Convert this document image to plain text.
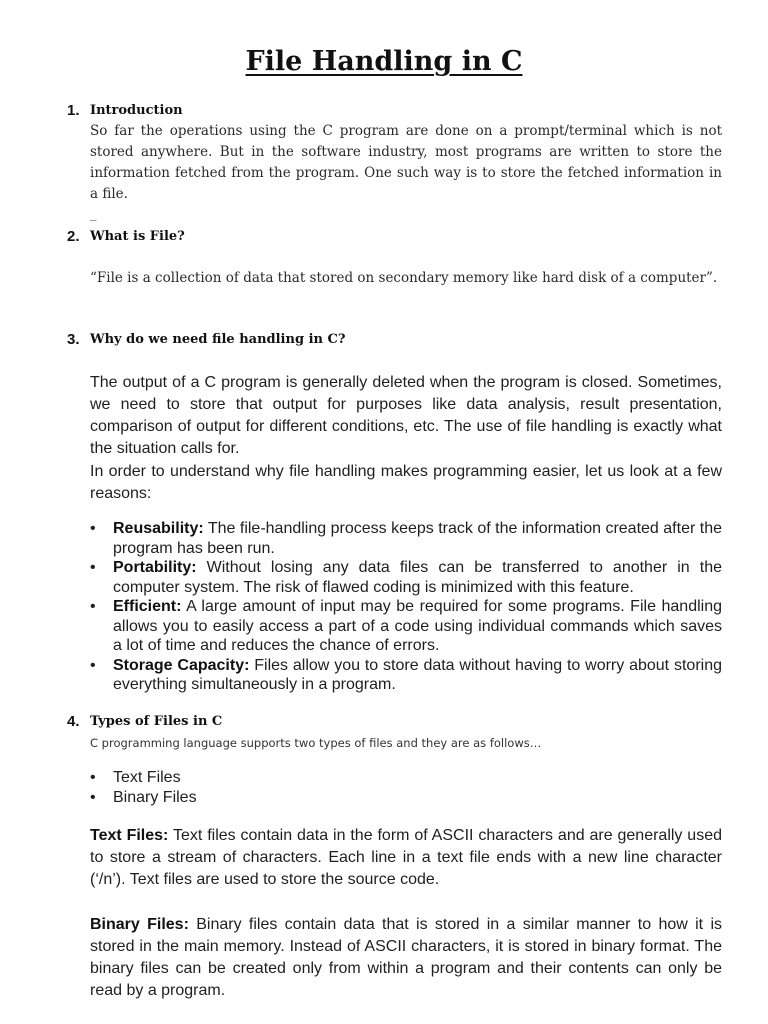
File Handling in C
1. Introduction
So far the operations using the C program are done on a prompt/terminal which is not stored anywhere. But in the software industry, most programs are written to store the information fetched from the program. One such way is to store the fetched information in a file.
_
2. What is File?
“File is a collection of data that stored on secondary memory like hard disk of a computer”.
3. Why do we need file handling in C?

The output of a C program is generally deleted when the program is closed. Sometimes, we need to store that output for purposes like data analysis, result presentation, comparison of output for different conditions, etc. The use of file handling is exactly what the situation calls for.

In order to understand why file handling makes programming easier, let us look at a few reasons:

• Reusability: The file-handling process keeps track of the information created after the program has been run.
• Portability: Without losing any data files can be transferred to another in the computer system. The risk of flawed coding is minimized with this feature.
• Efficient: A large amount of input may be required for some programs. File handling allows you to easily access a part of a code using individual commands which saves a lot of time and reduces the chance of errors.
• Storage Capacity: Files allow you to store data without having to worry about storing everything simultaneously in a program.
4. Types of Files in C
C programming language supports two types of files and they are as follows…
• Text Files
• Binary Files

Text Files: Text files contain data in the form of ASCII characters and are generally used to store a stream of characters. Each line in a text file ends with a new line character (‘/n’). Text files are used to store the source code.

Binary Files: Binary files contain data that is stored in a similar manner to how it is stored in the main memory. Instead of ASCII characters, it is stored in binary format. The binary files can be created only from within a program and their contents can only be read by a program.
